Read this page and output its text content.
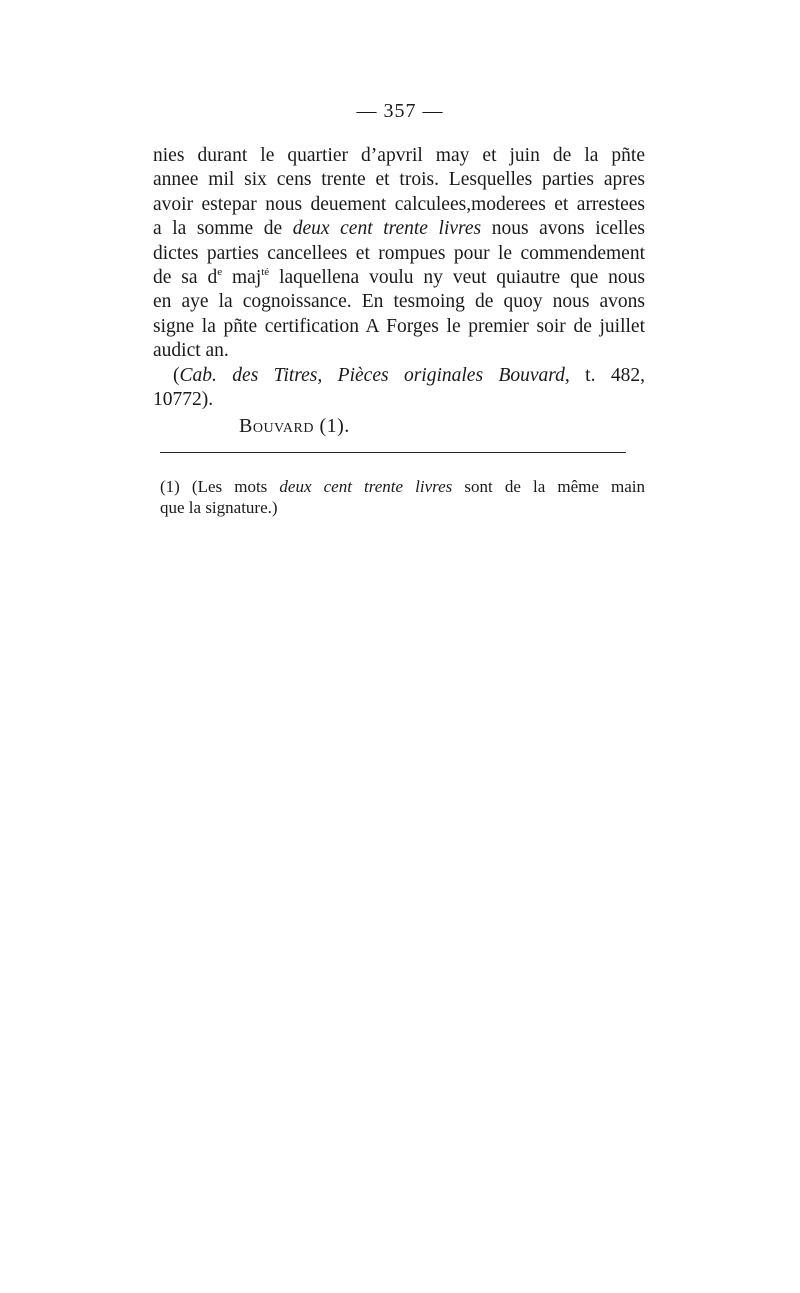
— 357 —
nies durant le quartier d’apvril may et juin de la pñte
annee mil six cens trente et trois. Lesquelles parties apres
avoir estepar nous deuement calculees,moderees et arrestees
a la somme de deux cent trente livres nous avons icelles
dictes parties cancellees et rompues pour le commendement
de sa $d^e$ maj$^{té}$ laquellena voulu ny veut quiautre que nous
en aye la cognoissance. En tesmoing de quoy nous avons
signe la pñte certification A Forges le premier soir de juillet
audict an.
(Cab. des Titres, Pièces originales Bouvard, t. 482,
10772).
Bouvard (1).
(1) (Les mots deux cent trente livres sont de la même main
que la signature.)
